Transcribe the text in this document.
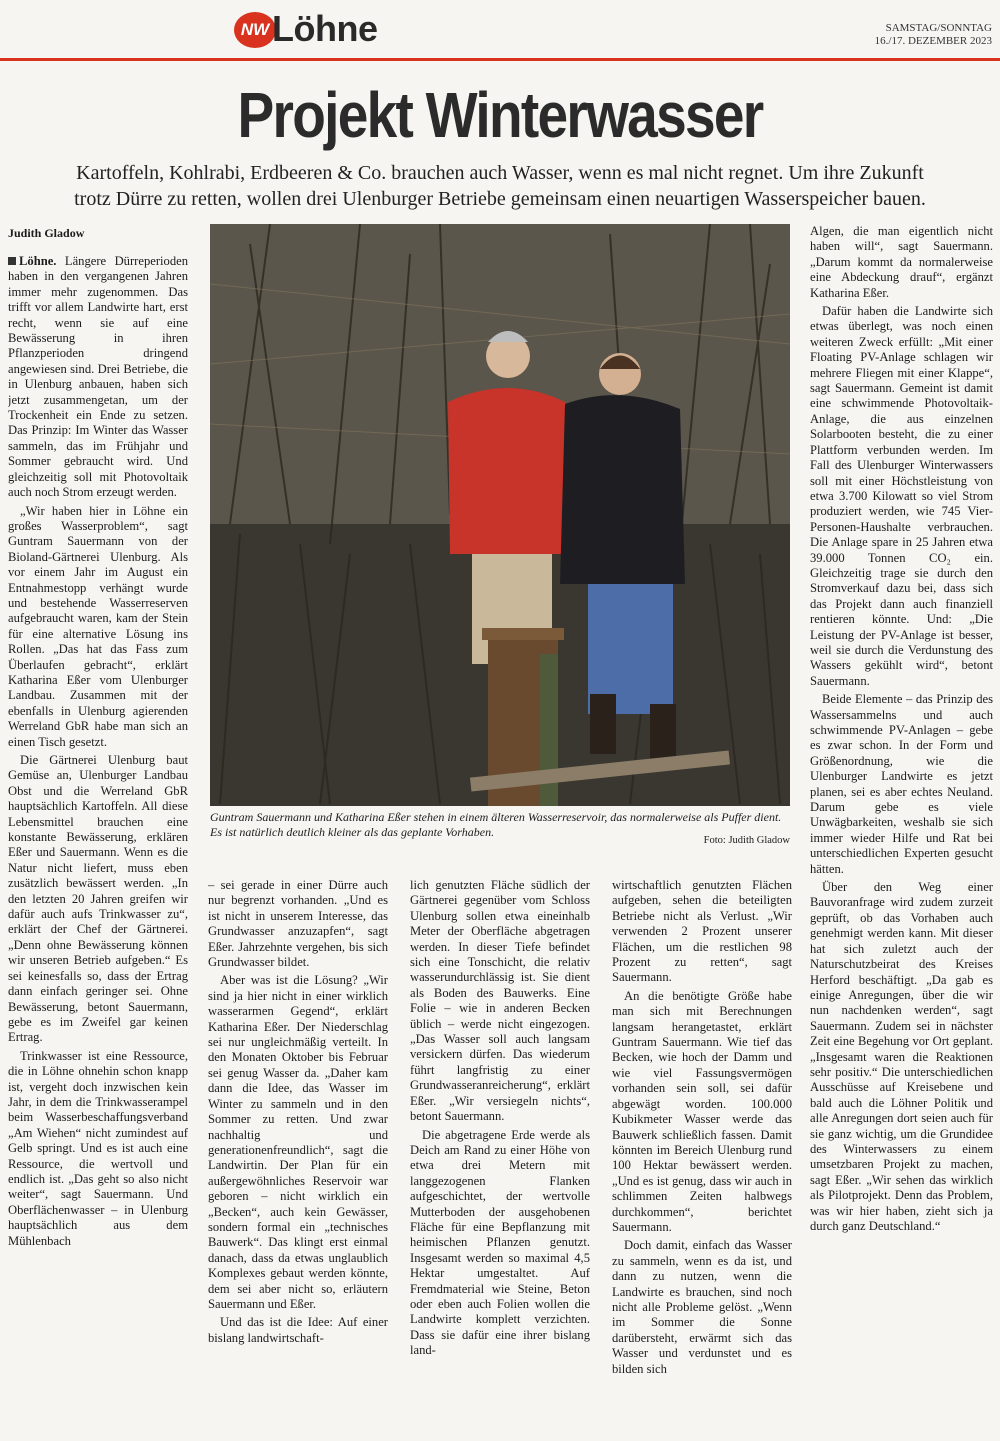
NW Löhne	SAMSTAG/SONNTAG
16./17. DEZEMBER 2023
Projekt Winterwasser
Kartoffeln, Kohlrabi, Erdbeeren & Co. brauchen auch Wasser, wenn es mal nicht regnet. Um ihre Zukunft
trotz Dürre zu retten, wollen drei Ulenburger Betriebe gemeinsam einen neuartigen Wasserspeicher bauen.
Judith Gladow

Löhne. Längere Dürreperioden haben in den vergangenen Jahren immer mehr zugenommen. Das trifft vor allem Landwirte hart, erst recht, wenn sie auf eine Bewässerung in ihren Pflanzperioden dringend angewiesen sind. Drei Betriebe, die in Ulenburg anbauen, haben sich jetzt zusammengetan, um der Trockenheit ein Ende zu setzen. Das Prinzip: Im Winter das Wasser sammeln, das im Frühjahr und Sommer gebraucht wird. Und gleichzeitig soll mit Photovoltaik auch noch Strom erzeugt werden.

„Wir haben hier in Löhne ein großes Wasserproblem“, sagt Guntram Sauermann von der Bioland-Gärtnerei Ulenburg. Als vor einem Jahr im August ein Entnahmestopp verhängt wurde und bestehende Wasserreserven aufgebraucht waren, kam der Stein für eine alternative Lösung ins Rollen. „Das hat das Fass zum Überlaufen gebracht“, erklärt Katharina Eßer vom Ulenburger Landbau. Zusammen mit der ebenfalls in Ulenburg agierenden Werreland GbR habe man sich an einen Tisch gesetzt.

Die Gärtnerei Ulenburg baut Gemüse an, Ulenburger Landbau Obst und die Werreland GbR hauptsächlich Kartoffeln. All diese Lebensmittel brauchen eine konstante Bewässerung, erklären Eßer und Sauermann. Wenn es die Natur nicht liefert, muss eben zusätzlich bewässert werden. „In den letzten 20 Jahren greifen wir dafür auch aufs Trinkwasser zu“, erklärt der Chef der Gärtnerei. „Denn ohne Bewässerung können wir unseren Betrieb aufgeben.“ Es sei keinesfalls so, dass der Ertrag dann einfach geringer sei. Ohne Bewässerung, betont Sauermann, gebe es im Zweifel gar keinen Ertrag.

Trinkwasser ist eine Ressource, die in Löhne ohnehin schon knapp ist, vergeht doch inzwischen kein Jahr, in dem die Trinkwasserampel beim Wasserbeschaffungsverband „Am Wiehen“ nicht zumindest auf Gelb springt. Und es ist auch eine Ressource, die wertvoll und endlich ist. „Das geht so also nicht weiter“, sagt Sauermann. Und Oberflächenwasser – in Ulenburg hauptsächlich aus dem Mühlenbach

Guntram Sauermann und Katharina Eßer stehen in einem älteren Wasserreservoir, das normalerweise als Puffer dient. Es ist natürlich deutlich kleiner als das geplante Vorhaben.
Foto: Judith Gladow

– sei gerade in einer Dürre auch nur begrenzt vorhanden. „Und es ist nicht in unserem Interesse, das Grundwasser anzuzapfen“, sagt Eßer. Jahrzehnte vergehen, bis sich Grundwasser bildet.

Aber was ist die Lösung? „Wir sind ja hier nicht in einer wirklich wasserarmen Gegend“, erklärt Katharina Eßer. Der Niederschlag sei nur ungleichmäßig verteilt. In den Monaten Oktober bis Februar sei genug Wasser da. „Daher kam dann die Idee, das Wasser im Winter zu sammeln und in den Sommer zu retten. Und zwar nachhaltig und generationenfreundlich“, sagt die Landwirtin. Der Plan für ein außergewöhnliches Reservoir war geboren – nicht wirklich ein „Becken“, auch kein Gewässer, sondern formal ein „technisches Bauwerk“. Das klingt erst einmal danach, dass da etwas unglaublich Komplexes gebaut werden könnte, dem sei aber nicht so, erläutern Sauermann und Eßer.

Und das ist die Idee: Auf einer bislang landwirtschaft-

lich genutzten Fläche südlich der Gärtnerei gegenüber vom Schloss Ulenburg sollen etwa eineinhalb Meter der Oberfläche abgetragen werden. In dieser Tiefe befindet sich eine Tonschicht, die relativ wasserundurchlässig ist. Sie dient als Boden des Bauwerks. Eine Folie – wie in anderen Becken üblich – werde nicht eingezogen. „Das Wasser soll auch langsam versickern dürfen. Das wiederum führt langfristig zu einer Grundwasseranreicherung“, erklärt Eßer. „Wir versiegeln nichts“, betont Sauermann.

Die abgetragene Erde werde als Deich am Rand zu einer Höhe von etwa drei Metern mit langgezogenen Flanken aufgeschichtet, der wertvolle Mutterboden der ausgehobenen Fläche für eine Bepflanzung mit heimischen Pflanzen genutzt. Insgesamt werden so maximal 4,5 Hektar umgestaltet. Auf Fremdmaterial wie Steine, Beton oder eben auch Folien wollen die Landwirte komplett verzichten. Dass sie dafür eine ihrer bislang land-

wirtschaftlich genutzten Flächen aufgeben, sehen die beteiligten Betriebe nicht als Verlust. „Wir verwenden 2 Prozent unserer Flächen, um die restlichen 98 Prozent zu retten“, sagt Sauermann.

An die benötigte Größe habe man sich mit Berechnungen langsam herangetastet, erklärt Guntram Sauermann. Wie tief das Becken, wie hoch der Damm und wie viel Fassungsvermögen vorhanden sein soll, sei dafür abgewägt worden. 100.000 Kubikmeter Wasser werde das Bauwerk schließlich fassen. Damit könnten im Bereich Ulenburg rund 100 Hektar bewässert werden. „Und es ist genug, dass wir auch in schlimmen Zeiten halbwegs durchkommen“, berichtet Sauermann.

Doch damit, einfach das Wasser zu sammeln, wenn es da ist, und dann zu nutzen, wenn die Landwirte es brauchen, sind noch nicht alle Probleme gelöst. „Wenn im Sommer die Sonne darübersteht, erwärmt sich das Wasser und verdunstet und es bilden sich

Algen, die man eigentlich nicht haben will“, sagt Sauermann. „Darum kommt da normalerweise eine Abdeckung drauf“, ergänzt Katharina Eßer.

Dafür haben die Landwirte sich etwas überlegt, was noch einen weiteren Zweck erfüllt: „Mit einer Floating PV-Anlage schlagen wir mehrere Fliegen mit einer Klappe“, sagt Sauermann. Gemeint ist damit eine schwimmende Photovoltaik-Anlage, die aus einzelnen Solarbooten besteht, die zu einer Plattform verbunden werden. Im Fall des Ulenburger Winterwassers soll mit einer Höchstleistung von etwa 3.700 Kilowatt so viel Strom produziert werden, wie 745 Vier-Personen-Haushalte verbrauchen. Die Anlage spare in 25 Jahren etwa 39.000 Tonnen CO₂ ein. Gleichzeitig trage sie durch den Stromverkauf dazu bei, dass sich das Projekt dann auch finanziell rentieren könnte. Und: „Die Leistung der PV-Anlage ist besser, weil sie durch die Verdunstung des Wassers gekühlt wird“, betont Sauermann.

Beide Elemente – das Prinzip des Wassersammelns und auch schwimmende PV-Anlagen – gebe es zwar schon. In der Form und Größenordnung, wie die Ulenburger Landwirte es jetzt planen, sei es aber echtes Neuland. Darum gebe es viele Unwägbarkeiten, weshalb sie sich immer wieder Hilfe und Rat bei unterschiedlichen Experten gesucht hätten.

Über den Weg einer Bauvoranfrage wird zudem zurzeit geprüft, ob das Vorhaben auch genehmigt werden kann. Mit dieser hat sich zuletzt auch der Naturschutzbeirat des Kreises Herford beschäftigt. „Da gab es einige Anregungen, über die wir nun nachdenken werden“, sagt Sauermann. Zudem sei in nächster Zeit eine Begehung vor Ort geplant. „Insgesamt waren die Reaktionen sehr positiv.“ Die unterschiedlichen Ausschüsse auf Kreisebene und bald auch die Löhner Politik und alle Anregungen dort seien auch für sie ganz wichtig, um die Grundidee des Winterwassers zu einem umsetzbaren Projekt zu machen, sagt Eßer. „Wir sehen das wirklich als Pilotprojekt. Denn das Problem, was wir hier haben, zieht sich ja durch ganz Deutschland.“
